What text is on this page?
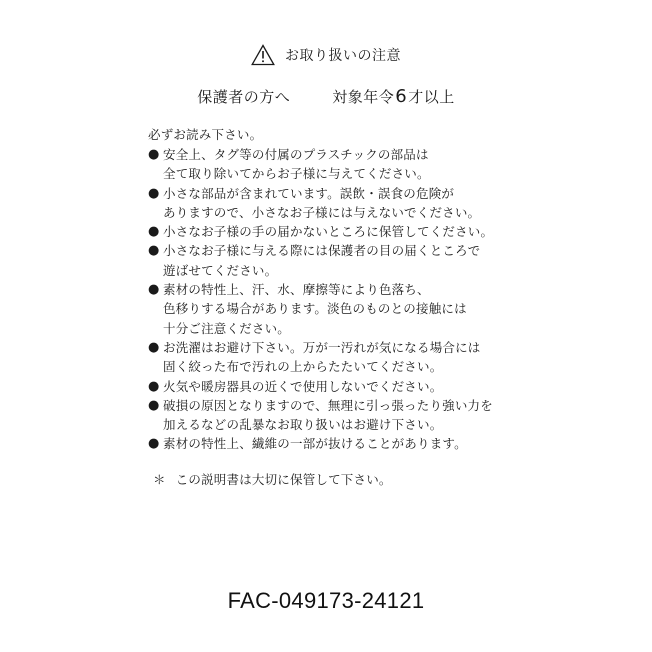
お取り扱いの注意
保護者の方へ	対象年令6才以上

必ずお読み下さい。

● 安全上、タグ等の付属のプラスチックの部品は
全て取り除いてからお子様に与えてください。
● 小さな部品が含まれています。誤飲・誤食の危険が
ありますので、小さなお子様には与えないでください。
● 小さなお子様の手の届かないところに保管してください。
● 小さなお子様に与える際には保護者の目の届くところで
遊ばせてください。
● 素材の特性上、汗、水、摩擦等により色落ち、
色移りする場合があります。淡色のものとの接触には
十分ご注意ください。
● お洗濯はお避け下さい。万が一汚れが気になる場合には
固く絞った布で汚れの上からたたいてください。
● 火気や暖房器具の近くで使用しないでください。
● 破損の原因となりますので、無理に引っ張ったり強い力を
加えるなどの乱暴なお取り扱いはお避け下さい。
● 素材の特性上、繊維の一部が抜けることがあります。
＊ この説明書は大切に保管して下さい。
FAC-049173-24121
